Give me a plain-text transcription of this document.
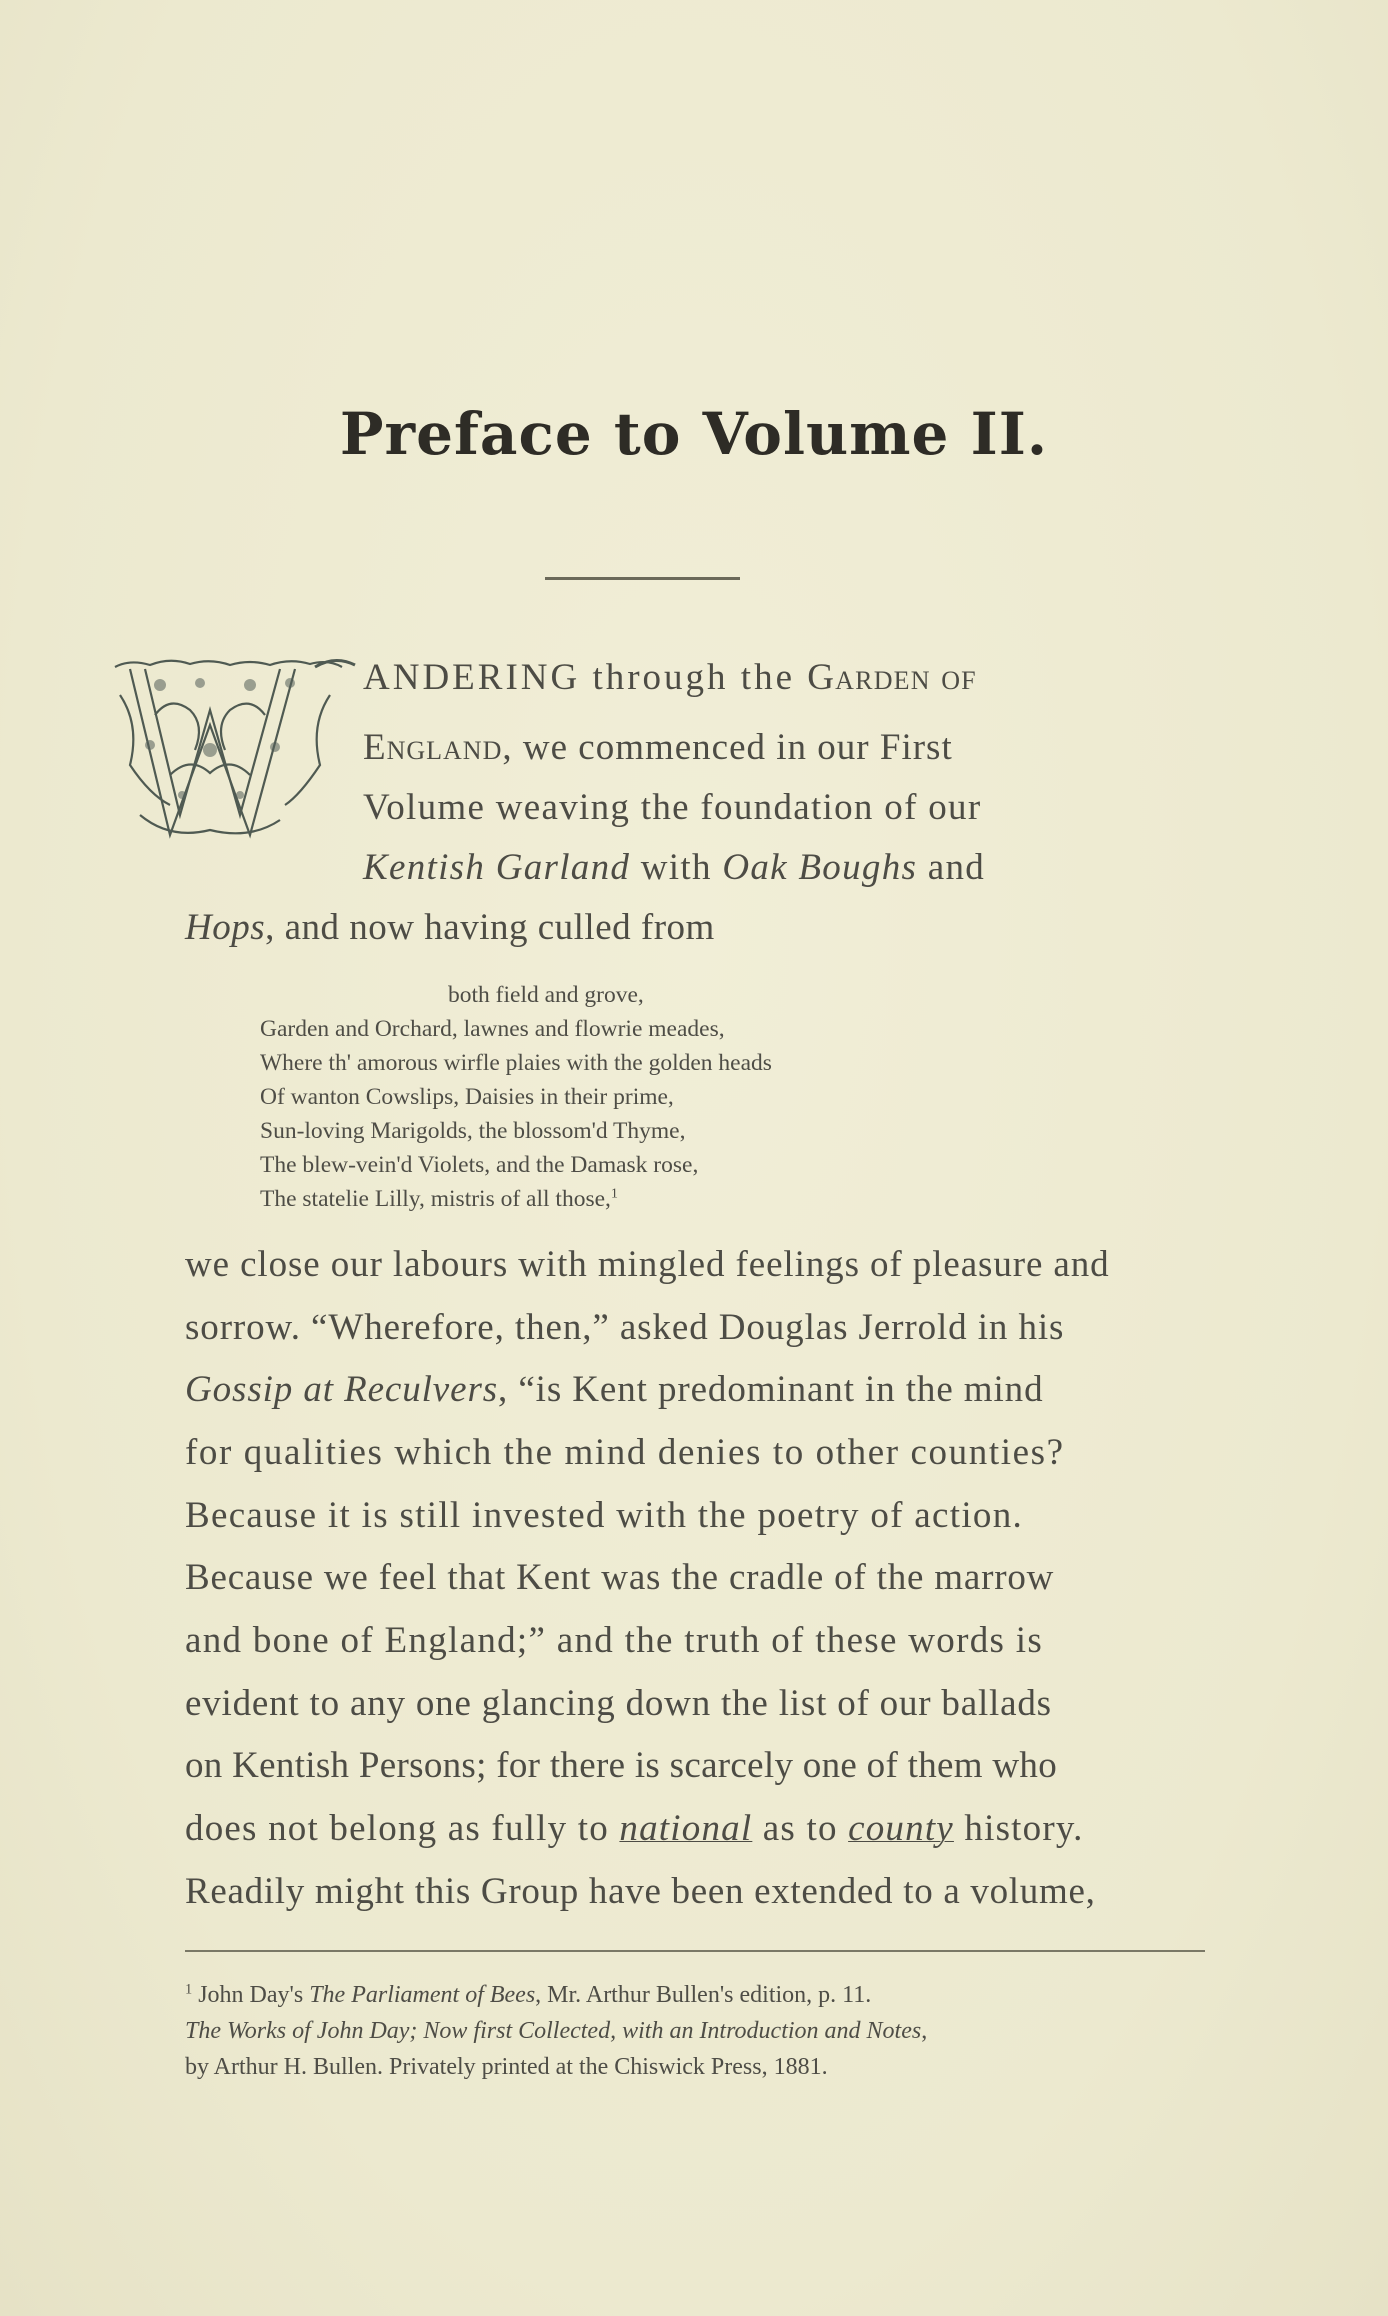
Preface to Volume II.
ANDERING through the Garden of
England, we commenced in our First
Volume weaving the foundation of our
Kentish Garland with Oak Boughs and
Hops, and now having culled from
both field and grove,
Garden and Orchard, lawnes and flowrie meades,
Where th' amorous wirfle plaies with the golden heads
Of wanton Cowslips, Daisies in their prime,
Sun-loving Marigolds, the blossom'd Thyme,
The blew-vein'd Violets, and the Damask rose,
The statelie Lilly, mistris of all those,$^1$
we close our labours with mingled feelings of pleasure and
sorrow. “Wherefore, then,” asked Douglas Jerrold in his
Gossip at Reculvers, “is Kent predominant in the mind
for qualities which the mind denies to other counties?
Because it is still invested with the poetry of action.
Because we feel that Kent was the cradle of the marrow
and bone of England;” and the truth of these words is
evident to any one glancing down the list of our ballads
on Kentish Persons; for there is scarcely one of them who
does not belong as fully to national as to county history.
Readily might this Group have been extended to a volume,
$^1$ John Day's The Parliament of Bees, Mr. Arthur Bullen's edition, p. 11.
The Works of John Day; Now first Collected, with an Introduction and Notes,
by Arthur H. Bullen. Privately printed at the Chiswick Press, 1881.
